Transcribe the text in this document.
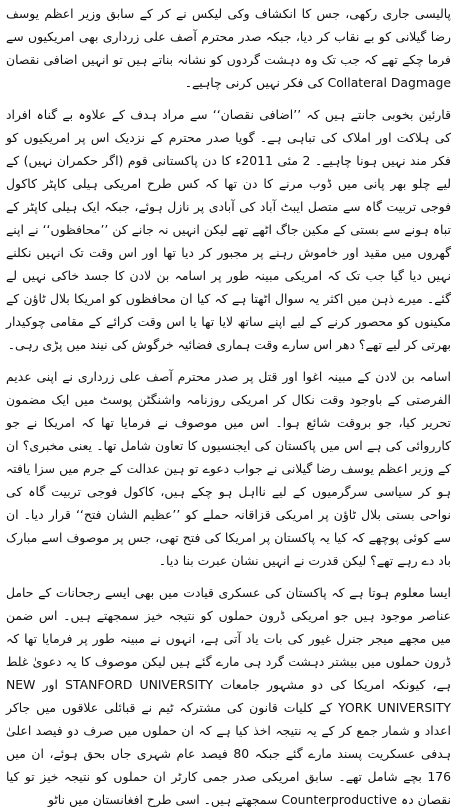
پالیسی جاری رکھی، جس کا انکشاف وکی لیکس نے کر کے سابق وزیر اعظم یوسف رضا گیلانی کو بے نقاب کر دیا، جبکہ صدر محترم آصف علی زرداری بھی امریکیوں سے فرما چکے تھے کہ جب تک وہ دہشت گردوں کو نشانہ بناتے ہیں تو انہیں اضافی نقصان Collateral Dagmage کی فکر نہیں کرنی چاہیے۔

قارئین بخوبی جانتے ہیں کہ ’’اضافی نقصان‘‘ سے مراد ہدف کے علاوہ بے گناہ افراد کی ہلاکت اور املاک کی تباہی ہے۔ گویا صدر محترم کے نزدیک اس پر امریکیوں کو فکر مند نہیں ہونا چاہیے۔ 2 مئی 2011ء کا دن پاکستانی قوم (اگر حکمران نہیں) کے لیے چلو بھر پانی میں ڈوب مرنے کا دن تھا کہ کس طرح امریکی ہیلی کاپٹر کاکول فوجی تربیت گاہ سے متصل ایبٹ آباد کی آبادی پر نازل ہوئے، جبکہ ایک ہیلی کاپٹر کے تباہ ہونے سے بستی کے مکین جاگ اٹھے تھے لیکن انہیں نہ جانے کن ’’محافظوں‘‘ نے اپنے گھروں میں مقید اور خاموش رہنے پر مجبور کر دیا تھا اور اس وقت تک انہیں نکلنے نہیں دیا گیا جب تک کہ امریکی مبینہ طور پر اسامہ بن لادن کا جسد خاکی نہیں لے گئے۔ میرے ذہن میں اکثر یہ سوال اٹھتا ہے کہ کیا ان محافظوں کو امریکا بلال ٹاؤن کے مکینوں کو محصور کرنے کے لیے اپنے ساتھ لایا تھا یا اس وقت کرائے کے مقامی چوکیدار بھرتی کر لیے تھے؟ دھر اس سارے وقت ہماری فضائیہ خرگوش کی نیند میں پڑی رہی۔

اسامہ بن لادن کے مبینہ اغوا اور قتل پر صدر محترم آصف علی زرداری نے اپنی عدیم الفرصتی کے باوجود وقت نکال کر امریکی روزنامہ واشنگٹن پوسٹ میں ایک مضمون تحریر کیا، جو بروقت شائع ہوا۔ اس میں موصوف نے فرمایا تھا کہ امریکا نے جو کارروائی کی ہے اس میں پاکستان کی ایجنسیوں کا تعاون شامل تھا۔ یعنی مخبری؟ ان کے وزیر اعظم یوسف رضا گیلانی نے جواب دعوے تو ہین عدالت کے جرم میں سزا یافتہ ہو کر سیاسی سرگرمیوں کے لیے نااہل ہو چکے ہیں، کاکول فوجی تربیت گاہ کی نواحی بستی بلال ٹاؤن پر امریکی قزاقانہ حملے کو ’’عظیم الشان فتح‘‘ قرار دیا۔ ان سے کوئی پوچھے کہ کیا یہ پاکستان پر امریکا کی فتح تھی، جس پر موصوف اسے مبارک باد دے رہے تھے؟ لیکن قدرت نے انہیں نشان عبرت بنا دیا۔

ایسا معلوم ہوتا ہے کہ پاکستان کی عسکری قیادت میں بھی ایسے رجحانات کے حامل عناصر موجود ہیں جو امریکی ڈرون حملوں کو نتیجہ خیز سمجھتے ہیں۔ اس ضمن میں مجھے میجر جنرل غیور کی بات یاد آتی ہے، انہوں نے مبینہ طور پر فرمایا تھا کہ ڈرون حملوں میں بیشتر دہشت گرد ہی مارے گئے ہیں لیکن موصوف کا یہ دعویٰ غلط ہے، کیونکہ امریکا کی دو مشہور جامعات STANFORD UNIVERSITY اور NEW YORK UNIVERSITY کے کلیات قانون کی مشترکہ ٹیم نے قبائلی علاقوں میں جاکر اعداد و شمار جمع کر کے یہ نتیجہ اخذ کیا ہے کہ ان حملوں میں صرف دو فیصد اعلیٰ ہدفی عسکریت پسند مارے گئے جبکہ 80 فیصد عام شہری جاں بحق ہوئے، ان میں 176 بچے شامل تھے۔ سابق امریکی صدر جمی کارٹر ان حملوں کو نتیجہ خیز تو کیا نقصان دہ Counterproductive سمجھتے ہیں۔ اسی طرح افغانستان میں ناٹو
